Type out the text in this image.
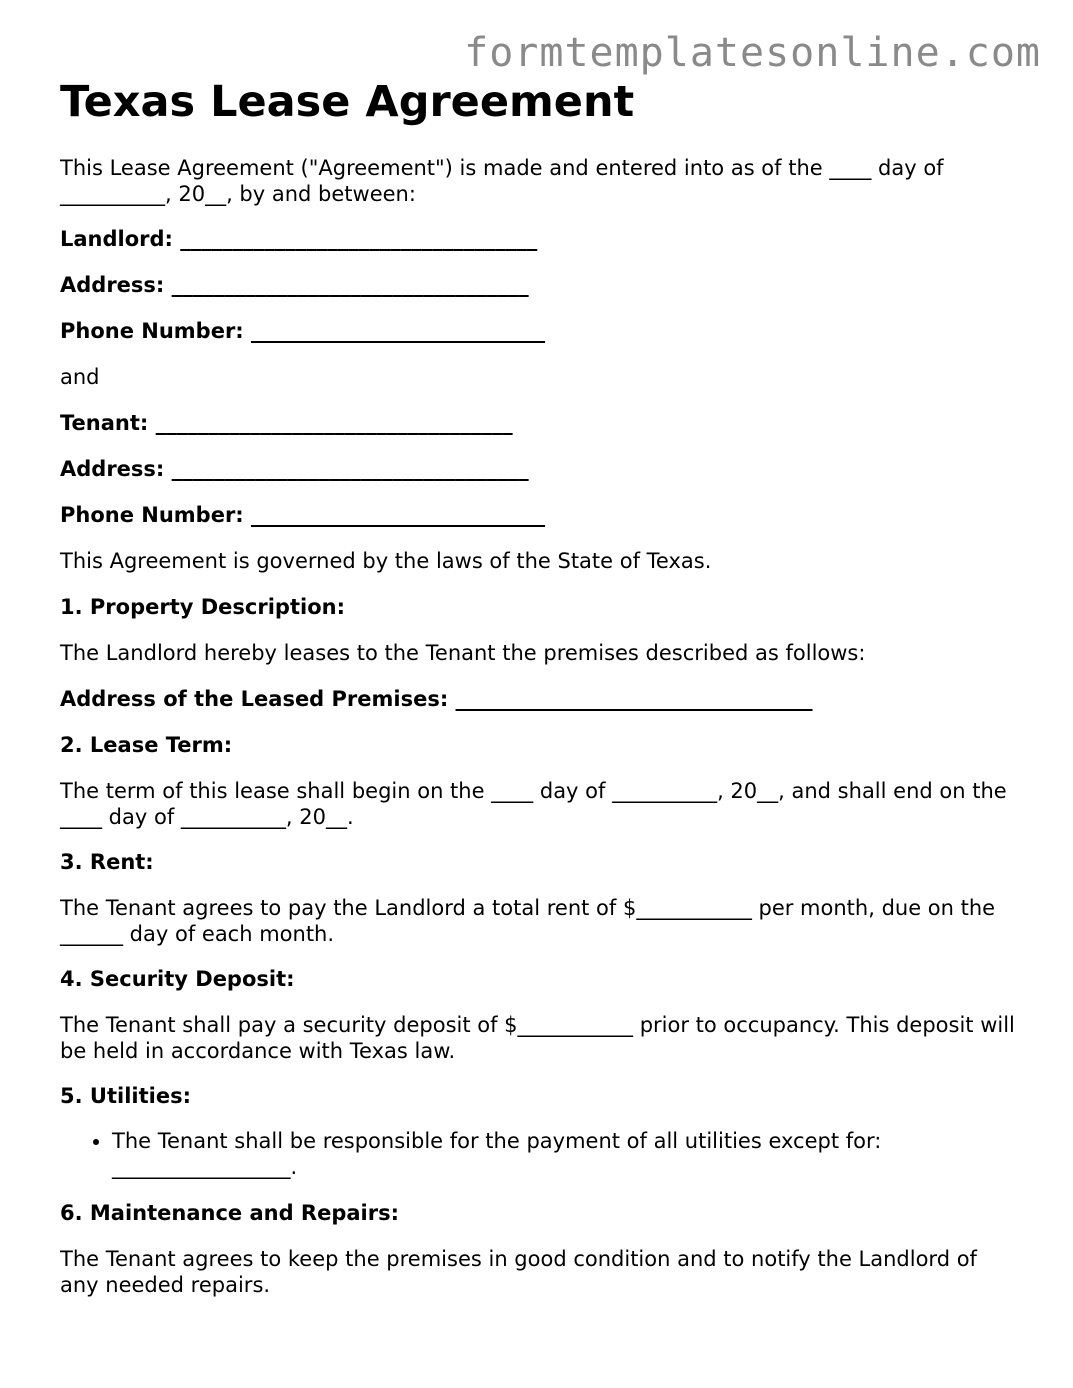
formtemplatesonline.com
Texas Lease Agreement

This Lease Agreement ("Agreement") is made and entered into as of the ____ day of __________, 20__, by and between:

Landlord: __________________________________

Address: __________________________________

Phone Number: ____________________________

and

Tenant: __________________________________

Address: __________________________________

Phone Number: ____________________________

This Agreement is governed by the laws of the State of Texas.

1. Property Description:

The Landlord hereby leases to the Tenant the premises described as follows:

Address of the Leased Premises: __________________________________

2. Lease Term:

The term of this lease shall begin on the ____ day of __________, 20__, and shall end on the ____ day of __________, 20__.

3. Rent:

The Tenant agrees to pay the Landlord a total rent of $___________ per month, due on the ______ day of each month.

4. Security Deposit:

The Tenant shall pay a security deposit of $___________ prior to occupancy. This deposit will be held in accordance with Texas law.

5. Utilities:

• The Tenant shall be responsible for the payment of all utilities except for: _________________.

6. Maintenance and Repairs:

The Tenant agrees to keep the premises in good condition and to notify the Landlord of any needed repairs.
